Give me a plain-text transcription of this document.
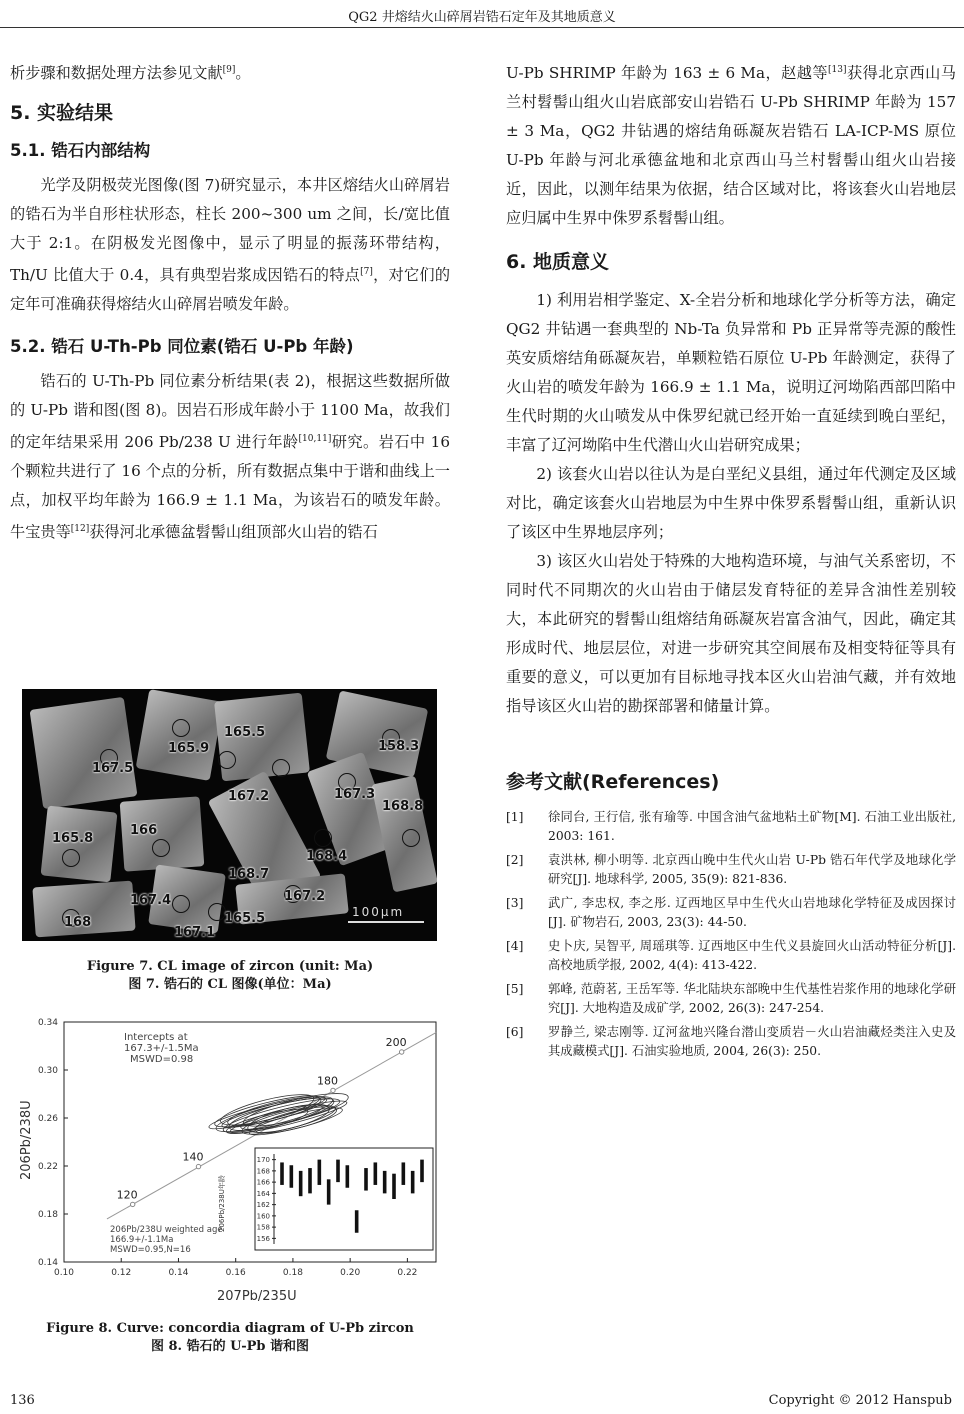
QG2 井熔结火山碎屑岩锆石定年及其地质意义

析步骤和数据处理方法参见文献[9]。

5. 实验结果
5.1. 锆石内部结构

光学及阴极荧光图像(图 7)研究显示，本井区熔结火山碎屑岩的锆石为半自形柱状形态，柱长 200~300 um 之间，长/宽比值大于 2:1。在阴极发光图像中，显示了明显的振荡环带结构，Th/U 比值大于 0.4，具有典型岩浆成因锆石的特点[7]，对它们的定年可准确获得熔结火山碎屑岩喷发年龄。

5.2. 锆石 U-Th-Pb 同位素(锆石 U-Pb 年龄)

锆石的 U-Th-Pb 同位素分析结果(表 2)，根据这些数据所做的 U-Pb 谐和图(图 8)。因岩石形成年龄小于 1100 Ma，故我们的定年结果采用 206 Pb/238 U 进行年龄[10,11]研究。岩石中 16 个颗粒共进行了 16 个点的分析，所有数据点集中于谐和曲线上一点，加权平均年龄为 166.9 ± 1.1 Ma，为该岩石的喷发年龄。牛宝贵等[12]获得河北承德盆髫髻山组顶部火山岩的锆石

167.5
165.9
165.5
158.3
167.2	167.3
168.8
165.8
166
168.4
168.7
167.4	167.2
168
167.1
165.5	100μm
Figure 7. CL image of zircon (unit: Ma)
图 7. 锆石的 CL 图像(单位：Ma)
0.14
0.18
0.22
0.26
0.30
0.34
0.10	0.12	0.14	0.16	0.18	0.20	0.22
120
140
180
200
Intercepts at
167.3+/-1.5Ma
MSWD=0.98
206Pb/238U weighted age
166.9+/-1.1Ma
MSWD=0.95,N=16
170
168
166
164
162
160
158
156
206Pb/238U年龄
206Pb/238U
207Pb/235U
Figure 8. Curve: concordia diagram of U-Pb zircon
图 8. 锆石的 U-Pb 谐和图

U-Pb SHRIMP 年龄为 163 ± 6 Ma，赵越等[13]获得北京西山马兰村髫髻山组火山岩底部安山岩锆石 U-Pb SHRIMP 年龄为 157 ± 3 Ma，QG2 井钻遇的熔结角砾凝灰岩锆石 LA-ICP-MS 原位 U-Pb 年龄与河北承德盆地和北京西山马兰村髫髻山组火山岩接近，因此，以测年结果为依据，结合区域对比，将该套火山岩地层应归属中生界中侏罗系髫髻山组。

6. 地质意义

1) 利用岩相学鉴定、X-全岩分析和地球化学分析等方法，确定 QG2 井钻遇一套典型的 Nb-Ta 负异常和 Pb 正异常等壳源的酸性英安质熔结角砾凝灰岩，单颗粒锆石原位 U-Pb 年龄测定，获得了火山岩的喷发年龄为 166.9 ± 1.1 Ma，说明辽河坳陷西部凹陷中生代时期的火山喷发从中侏罗纪就已经开始一直延续到晚白垩纪，丰富了辽河坳陷中生代潜山火山岩研究成果；

2) 该套火山岩以往认为是白垩纪义县组，通过年代测定及区域对比，确定该套火山岩地层为中生界中侏罗系髫髻山组，重新认识了该区中生界地层序列；

3) 该区火山岩处于特殊的大地构造环境，与油气关系密切，不同时代不同期次的火山岩由于储层发育特征的差异含油性差别较大，本此研究的髫髻山组熔结角砾凝灰岩富含油气，因此，确定其形成时代、地层层位，对进一步研究其空间展布及相变特征等具有重要的意义，可以更加有目标地寻找本区火山岩油气藏，并有效地指导该区火山岩的勘探部署和储量计算。

参考文献(References)
[1]	徐同台, 王行信, 张有瑜等. 中国含油气盆地粘土矿物[M]. 石油工业出版社, 2003: 161.
[2]	袁洪林, 柳小明等. 北京西山晚中生代火山岩 U-Pb 锆石年代学及地球化学研究[J]. 地球科学, 2005, 35(9): 821-836.
[3]	武广, 李忠权, 李之彤. 辽西地区早中生代火山岩地球化学特征及成因探讨[J]. 矿物岩石, 2003, 23(3): 44-50.
[4]	史卜庆, 吴智平, 周瑶琪等. 辽西地区中生代义县旋回火山活动特征分析[J]. 高校地质学报, 2002, 4(4): 413-422.
[5]	郭峰, 范蔚茗, 王岳军等. 华北陆块东部晚中生代基性岩浆作用的地球化学研究[J]. 大地构造及成矿学, 2002, 26(3): 247-254.
[6]	罗静兰, 梁志刚等. 辽河盆地兴隆台潜山变质岩－火山岩油藏烃类注入史及其成藏模式[J]. 石油实验地质, 2004, 26(3): 250.
136	Copyright © 2012 Hanspub
